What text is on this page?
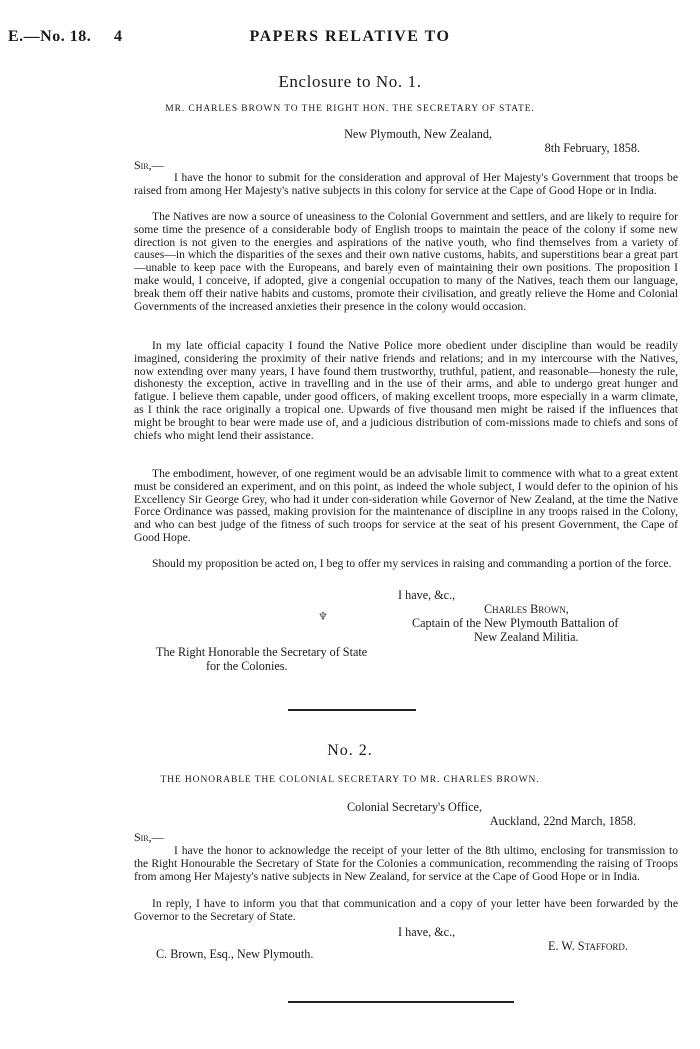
E.—No. 18. 4	PAPERS RELATIVE TO
Enclosure to No. 1.
MR. CHARLES BROWN TO THE RIGHT HON. THE SECRETARY OF STATE.
New Plymouth, New Zealand,
8th February, 1858.
Sir,—

I have the honor to submit for the consideration and approval of Her Majesty's Government that troops be raised from among Her Majesty's native subjects in this colony for service at the Cape of Good Hope or in India.

The Natives are now a source of uneasiness to the Colonial Government and settlers, and are likely to require for some time the presence of a considerable body of English troops to maintain the peace of the colony if some new direction is not given to the energies and aspirations of the native youth, who find themselves from a variety of causes—in which the disparities of the sexes and their own native customs, habits, and superstitions bear a great part—unable to keep pace with the Europeans, and barely even of maintaining their own positions. The proposition I make would, I conceive, if adopted, give a congenial occupation to many of the Natives, teach them our language, break them off their native habits and customs, promote their civilisation, and greatly relieve the Home and Colonial Governments of the increased anxieties their presence in the colony would occasion.

In my late official capacity I found the Native Police more obedient under discipline than would be readily imagined, considering the proximity of their native friends and relations; and in my intercourse with the Natives, now extending over many years, I have found them trustworthy, truthful, patient, and reasonable—honesty the rule, dishonesty the exception, active in travelling and in the use of their arms, and able to undergo great hunger and fatigue. I believe them capable, under good officers, of making excellent troops, more especially in a warm climate, as I think the race originally a tropical one. Upwards of five thousand men might be raised if the influences that might be brought to bear were made use of, and a judicious distribution of com-missions made to chiefs and sons of chiefs who might lend their assistance.

The embodiment, however, of one regiment would be an advisable limit to commence with what to a great extent must be considered an experiment, and on this point, as indeed the whole subject, I would defer to the opinion of his Excellency Sir George Grey, who had it under con-sideration while Governor of New Zealand, at the time the Native Force Ordinance was passed, making provision for the maintenance of discipline in any troops raised in the Colony, and who can best judge of the fitness of such troops for service at the seat of his present Government, the Cape of Good Hope.

Should my proposition be acted on, I beg to offer my services in raising and commanding a portion of the force.

I have, &c.,
Charles Brown,
Captain of the New Plymouth Battalion of
New Zealand Militia.
♆
The Right Honorable the Secretary of State
for the Colonies.
No. 2.
THE HONORABLE THE COLONIAL SECRETARY TO MR. CHARLES BROWN.
Colonial Secretary's Office,
Auckland, 22nd March, 1858.
Sir,—

I have the honor to acknowledge the receipt of your letter of the 8th ultimo, enclosing for transmission to the Right Honourable the Secretary of State for the Colonies a communication, recommending the raising of Troops from among Her Majesty's native subjects in New Zealand, for service at the Cape of Good Hope or in India.

In reply, I have to inform you that that communication and a copy of your letter have been forwarded by the Governor to the Secretary of State.

I have, &c.,
E. W. Stafford.
C. Brown, Esq., New Plymouth.
